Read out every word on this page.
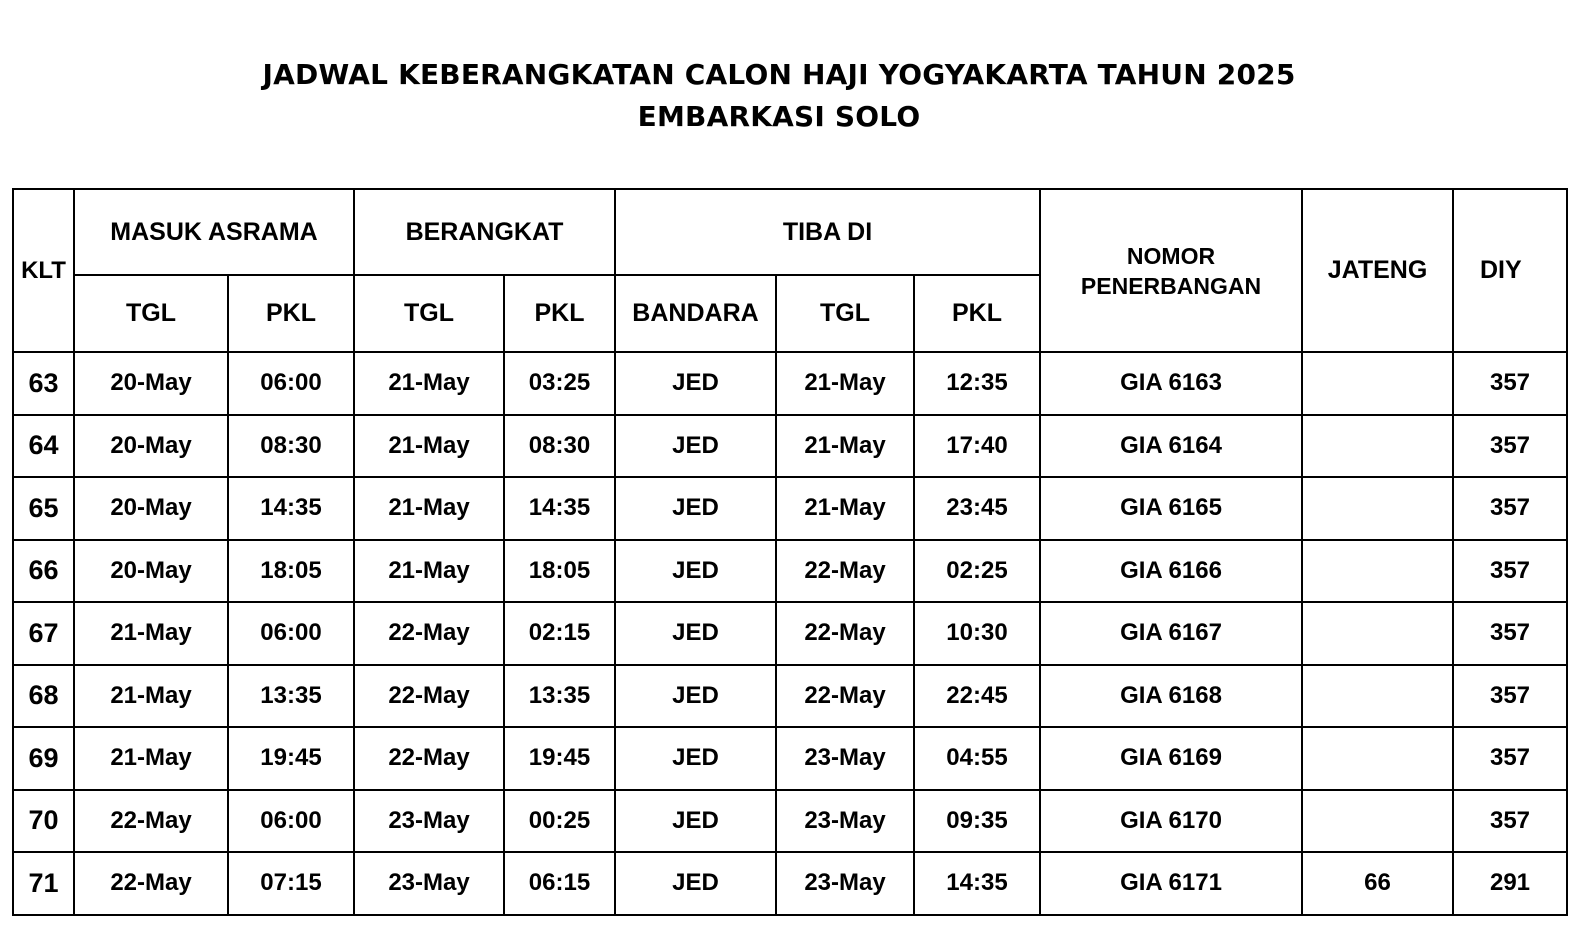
JADWAL KEBERANGKATAN CALON HAJI YOGYAKARTA TAHUN 2025
EMBARKASI SOLO
KLT	MASUK ASRAMA		BERANGKAT		TIBA DI			NOMOR PENERBANGAN	JATENG	DIY
	TGL	PKL	TGL	PKL	BANDARA	TGL	PKL			
63	20-May	06:00	21-May	03:25	JED	21-May	12:35	GIA 6163		357
64	20-May	08:30	21-May	08:30	JED	21-May	17:40	GIA 6164		357
65	20-May	14:35	21-May	14:35	JED	21-May	23:45	GIA 6165		357
66	20-May	18:05	21-May	18:05	JED	22-May	02:25	GIA 6166		357
67	21-May	06:00	22-May	02:15	JED	22-May	10:30	GIA 6167		357
68	21-May	13:35	22-May	13:35	JED	22-May	22:45	GIA 6168		357
69	21-May	19:45	22-May	19:45	JED	23-May	04:55	GIA 6169		357
70	22-May	06:00	23-May	00:25	JED	23-May	09:35	GIA 6170		357
71	22-May	07:15	23-May	06:15	JED	23-May	14:35	GIA 6171	66	291
